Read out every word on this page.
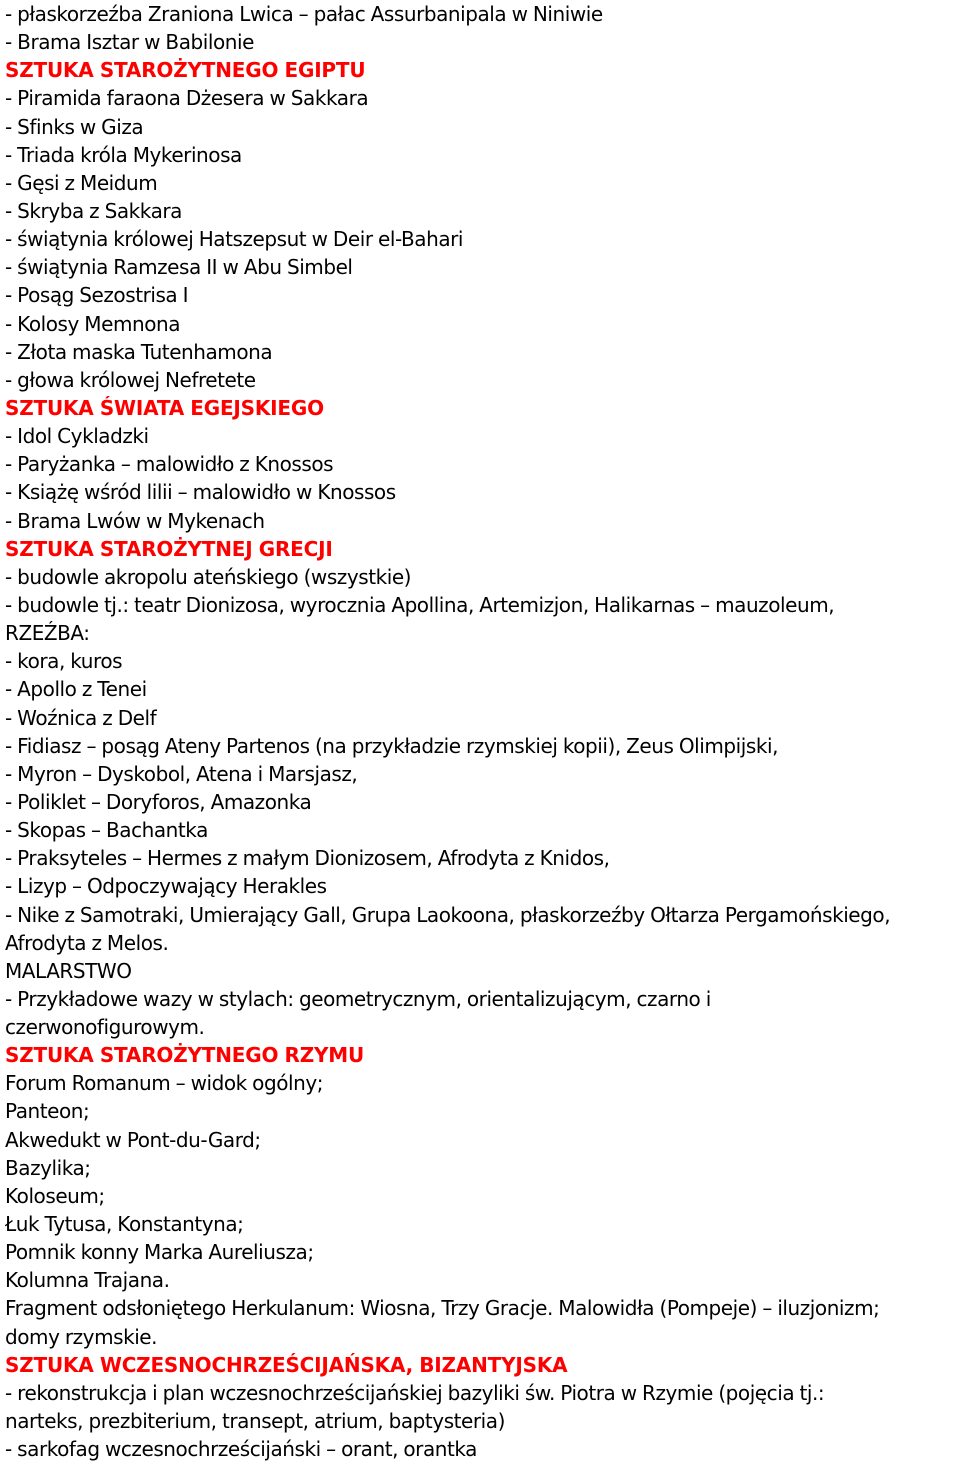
- płaskorzeźba Zraniona Lwica – pałac Assurbanipala w Niniwie
- Brama Isztar w Babilonie
SZTUKA STAROŻYTNEGO EGIPTU
- Piramida faraona Dżesera w Sakkara
- Sfinks w Giza
- Triada króla Mykerinosa
- Gęsi z Meidum
- Skryba z Sakkara
- świątynia królowej Hatszepsut w Deir el-Bahari
- świątynia Ramzesa II w Abu Simbel
- Posąg Sezostrisa I
- Kolosy Memnona
- Złota maska Tutenhamona
- głowa królowej Nefretete
SZTUKA ŚWIATA EGEJSKIEGO
- Idol Cykladzki
- Paryżanka – malowidło z Knossos
- Książę wśród lilii – malowidło w Knossos
- Brama Lwów w Mykenach
SZTUKA STAROŻYTNEJ GRECJI
- budowle akropolu ateńskiego (wszystkie)
- budowle tj.: teatr Dionizosa, wyrocznia Apollina, Artemizjon, Halikarnas – mauzoleum,
RZEŹBA:
- kora, kuros
- Apollo z Tenei
- Woźnica z Delf
- Fidiasz – posąg Ateny Partenos (na przykładzie rzymskiej kopii), Zeus Olimpijski,
- Myron – Dyskobol, Atena i Marsjasz,
- Poliklet – Doryforos, Amazonka
- Skopas – Bachantka
- Praksyteles – Hermes z małym Dionizosem, Afrodyta z Knidos,
- Lizyp – Odpoczywający Herakles
- Nike z Samotraki, Umierający Gall, Grupa Laokoona, płaskorzeźby Ołtarza Pergamońskiego,
Afrodyta z Melos.
MALARSTWO
- Przykładowe wazy w stylach: geometrycznym, orientalizującym, czarno i
czerwonofigurowym.
SZTUKA STAROŻYTNEGO RZYMU
Forum Romanum – widok ogólny;
Panteon;
Akwedukt w Pont-du-Gard;
Bazylika;
Koloseum;
Łuk Tytusa, Konstantyna;
Pomnik konny Marka Aureliusza;
Kolumna Trajana.
Fragment odsłoniętego Herkulanum: Wiosna, Trzy Gracje. Malowidła (Pompeje) – iluzjonizm;
domy rzymskie.
SZTUKA WCZESNOCHRZEŚCIJAŃSKA, BIZANTYJSKA
- rekonstrukcja i plan wczesnochrześcijańskiej bazyliki św. Piotra w Rzymie (pojęcia tj.:
narteks, prezbiterium, transept, atrium, baptysteria)
- sarkofag wczesnochrześcijański – orant, orantka
